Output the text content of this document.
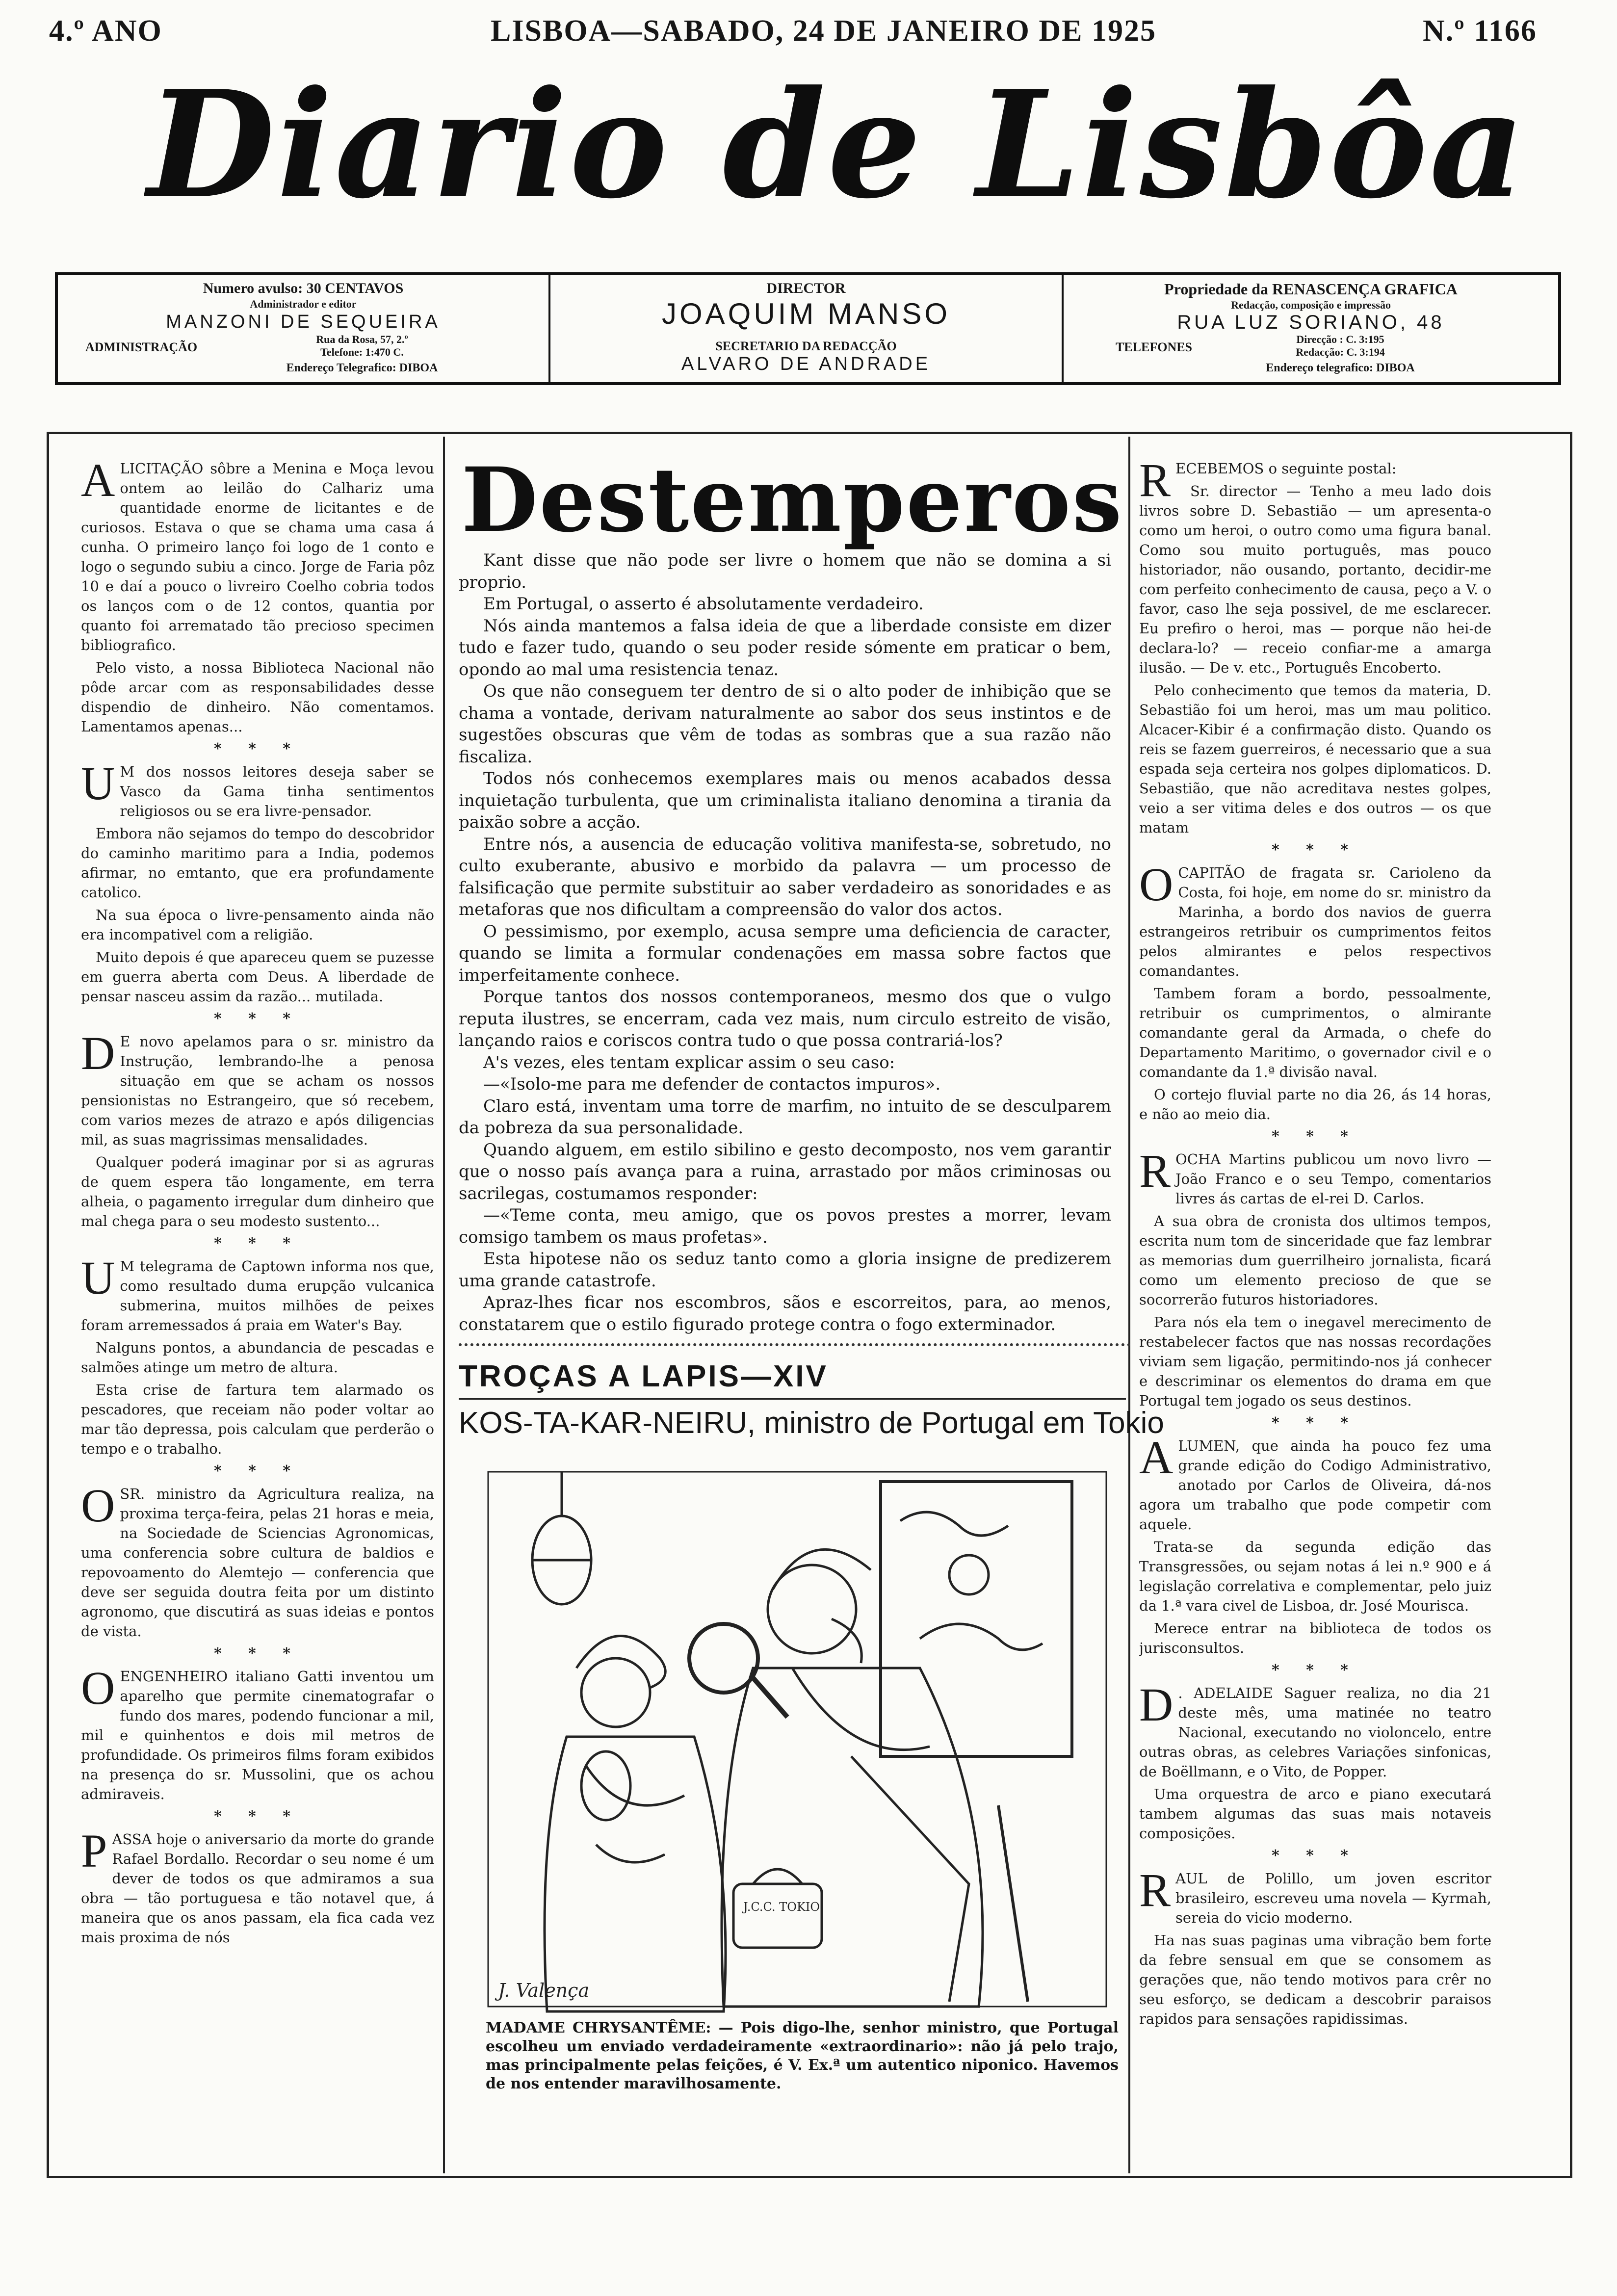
4.º ANO	LISBOA—SABADO, 24 DE JANEIRO DE 1925	N.º 1166
Diario de Lisbôa
Numero avulso: 30 CENTAVOS
Administrador e editor
MANZONI DE SEQUEIRA
ADMINISTRAÇÃO
Rua da Rosa, 57, 2.º
Telefone: 1:470 C.
Endereço Telegrafico: DIBOA
DIRECTOR
JOAQUIM MANSO
SECRETARIO DA REDACÇÃO
ALVARO DE ANDRADE
Propriedade da RENASCENÇA GRAFICA
Redacção, composição e impressão
RUA LUZ SORIANO, 48
TELEFONES
Direcção : C. 3:195
Redacção: C. 3:194
Endereço telegrafico: DIBOA

A LICITAÇÃO sôbre a Menina e Moça levou ontem ao leilão do Calhariz uma quantidade enorme de licitantes e de curiosos. Estava o que se chama uma casa á cunha. O primeiro lanço foi logo de 1 conto e logo o segundo subiu a cinco. Jorge de Faria pôz 10 e daí a pouco o livreiro Coelho cobria todos os lanços com o de 12 contos, quantia por quanto foi arrematado tão precioso specimen bibliografico.

Pelo visto, a nossa Biblioteca Nacional não pôde arcar com as responsabilidades desse dispendio de dinheiro. Não comentamos. Lamentamos apenas...

* * *

U M dos nossos leitores deseja saber se Vasco da Gama tinha sentimentos religiosos ou se era livre-pensador.

Embora não sejamos do tempo do descobridor do caminho maritimo para a India, podemos afirmar, no emtanto, que era profundamente catolico.

Na sua época o livre-pensamento ainda não era incompativel com a religião.

Muito depois é que apareceu quem se puzesse em guerra aberta com Deus. A liberdade de pensar nasceu assim da razão... mutilada.

* * *

D E novo apelamos para o sr. ministro da Instrução, lembrando-lhe a penosa situação em que se acham os nossos pensionistas no Estrangeiro, que só recebem, com varios mezes de atrazo e após diligencias mil, as suas magrissimas mensalidades.

Qualquer poderá imaginar por si as agruras de quem espera tão longamente, em terra alheia, o pagamento irregular dum dinheiro que mal chega para o seu modesto sustento...

* * *

U M telegrama de Captown informa nos que, como resultado duma erupção vulcanica submerina, muitos milhões de peixes foram arremessados á praia em Water's Bay.

Nalguns pontos, a abundancia de pescadas e salmões atinge um metro de altura.

Esta crise de fartura tem alarmado os pescadores, que receiam não poder voltar ao mar tão depressa, pois calculam que perderão o tempo e o trabalho.

* * *

O SR. ministro da Agricultura realiza, na proxima terça-feira, pelas 21 horas e meia, na Sociedade de Sciencias Agronomicas, uma conferencia sobre cultura de baldios e repovoamento do Alemtejo — conferencia que deve ser seguida doutra feita por um distinto agronomo, que discutirá as suas ideias e pontos de vista.

* * *

O ENGENHEIRO italiano Gatti inventou um aparelho que permite cinematografar o fundo dos mares, podendo funcionar a mil, mil e quinhentos e dois mil metros de profundidade. Os primeiros films foram exibidos na presença do sr. Mussolini, que os achou admiraveis.

* * *

PASSA hoje o aniversario da morte do grande Rafael Bordallo. Recordar o seu nome é um dever de todos os que admiramos a sua obra — tão portuguesa e tão notavel que, á maneira que os anos passam, ela fica cada vez mais proxima de nós

RECEBEMOS o seguinte postal:

Sr. director — Tenho a meu lado dois livros sobre D. Sebastião — um apresenta-o como um heroi, o outro como uma figura banal. Como sou muito português, mas pouco historiador, não ousando, portanto, decidir-me com perfeito conhecimento de causa, peço a V. o favor, caso lhe seja possivel, de me esclarecer. Eu prefiro o heroi, mas — porque não hei-de declara-lo? — receio confiar-me a amarga ilusão. — De v. etc., Português Encoberto.

Pelo conhecimento que temos da materia, D. Sebastião foi um heroi, mas um mau politico. Alcacer-Kibir é a confirmação disto. Quando os reis se fazem guerreiros, é necessario que a sua espada seja certeira nos golpes diplomaticos. D. Sebastião, que não acreditava nestes golpes, veio a ser vitima deles e dos outros — os que matam

* * *

O CAPITÃO de fragata sr. Carioleno da Costa, foi hoje, em nome do sr. ministro da Marinha, a bordo dos navios de guerra estrangeiros retribuir os cumprimentos feitos pelos almirantes e pelos respectivos comandantes.

Tambem foram a bordo, pessoalmente, retribuir os cumprimentos, o almirante comandante geral da Armada, o chefe do Departamento Maritimo, o governador civil e o comandante da 1.ª divisão naval.

O cortejo fluvial parte no dia 26, ás 14 horas, e não ao meio dia.

* * *

ROCHA Martins publicou um novo livro — João Franco e o seu Tempo, comentarios livres ás cartas de el-rei D. Carlos.

A sua obra de cronista dos ultimos tempos, escrita num tom de sinceridade que faz lembrar as memorias dum guerrilheiro jornalista, ficará como um elemento precioso de que se socorrerão futuros historiadores.

Para nós ela tem o inegavel merecimento de restabelecer factos que nas nossas recordações viviam sem ligação, permitindo-nos já conhecer e descriminar os elementos do drama em que Portugal tem jogado os seus destinos.

* * *

A LUMEN, que ainda ha pouco fez uma grande edição do Codigo Administrativo, anotado por Carlos de Oliveira, dá-nos agora um trabalho que pode competir com aquele.

Trata-se da segunda edição das Transgressões, ou sejam notas á lei n.º 900 e á legislação correlativa e complementar, pelo juiz da 1.ª vara civel de Lisboa, dr. José Mourisca.

Merece entrar na biblioteca de todos os jurisconsultos.

* * *

D . ADELAIDE Saguer realiza, no dia 21 deste mês, uma matinée no teatro Nacional, executando no violoncelo, entre outras obras, as celebres Variações sinfonicas, de Boëllmann, e o Vito, de Popper.

Uma orquestra de arco e piano executará tambem algumas das suas mais notaveis composições.

* * *

RAUL de Polillo, um joven escritor brasileiro, escreveu uma novela — Kyrmah, sereia do vicio moderno.

Ha nas suas paginas uma vibração bem forte da febre sensual em que se consomem as gerações que, não tendo motivos para crêr no seu esforço, se dedicam a descobrir paraisos rapidos para sensações rapidissimas.

Destemperos

Kant disse que não pode ser livre o homem que não se domina a si proprio.

Em Portugal, o asserto é absolutamente verdadeiro.

Nós ainda mantemos a falsa ideia de que a liberdade consiste em dizer tudo e fazer tudo, quando o seu poder reside sómente em praticar o bem, opondo ao mal uma resistencia tenaz.

Os que não conseguem ter dentro de si o alto poder de inhibição que se chama a vontade, derivam naturalmente ao sabor dos seus instintos e de sugestões obscuras que vêm de todas as sombras que a sua razão não fiscaliza.

Todos nós conhecemos exemplares mais ou menos acabados dessa inquietação turbulenta, que um criminalista italiano denomina a tirania da paixão sobre a acção.

Entre nós, a ausencia de educação volitiva manifesta-se, sobretudo, no culto exuberante, abusivo e morbido da palavra — um processo de falsificação que permite substituir ao saber verdadeiro as sonoridades e as metaforas que nos dificultam a compreensão do valor dos actos.

O pessimismo, por exemplo, acusa sempre uma deficiencia de caracter, quando se limita a formular condenações em massa sobre factos que imperfeitamente conhece.

Porque tantos dos nossos contemporaneos, mesmo dos que o vulgo reputa ilustres, se encerram, cada vez mais, num circulo estreito de visão, lançando raios e coriscos contra tudo o que possa contrariá-los?

A's vezes, eles tentam explicar assim o seu caso:

—«Isolo-me para me defender de contactos impuros».

Claro está, inventam uma torre de marfim, no intuito de se desculparem da pobreza da sua personalidade.

Quando alguem, em estilo sibilino e gesto decomposto, nos vem garantir que o nosso país avança para a ruina, arrastado por mãos criminosas ou sacrilegas, costumamos responder:

—«Teme conta, meu amigo, que os povos prestes a morrer, levam comsigo tambem os maus profetas».

Esta hipotese não os seduz tanto como a gloria insigne de predizerem uma grande catastrofe.

Apraz-lhes ficar nos escombros, sãos e escorreitos, para, ao menos, constatarem que o estilo figurado protege contra o fogo exterminador.

TROÇAS A LAPIS—XIV
KOS-TA-KAR-NEIRU, ministro de Portugal em Tokio
J.C.C. TOKIO
J. Valença
MADAME CHRYSANTÊME: — Pois digo-lhe, senhor ministro, que Portugal escolheu um enviado verdadeiramente «extraordinario»: não já pelo trajo, mas principalmente pelas feições, é V. Ex.ª um autentico niponico. Havemos de nos entender maravilhosamente.
